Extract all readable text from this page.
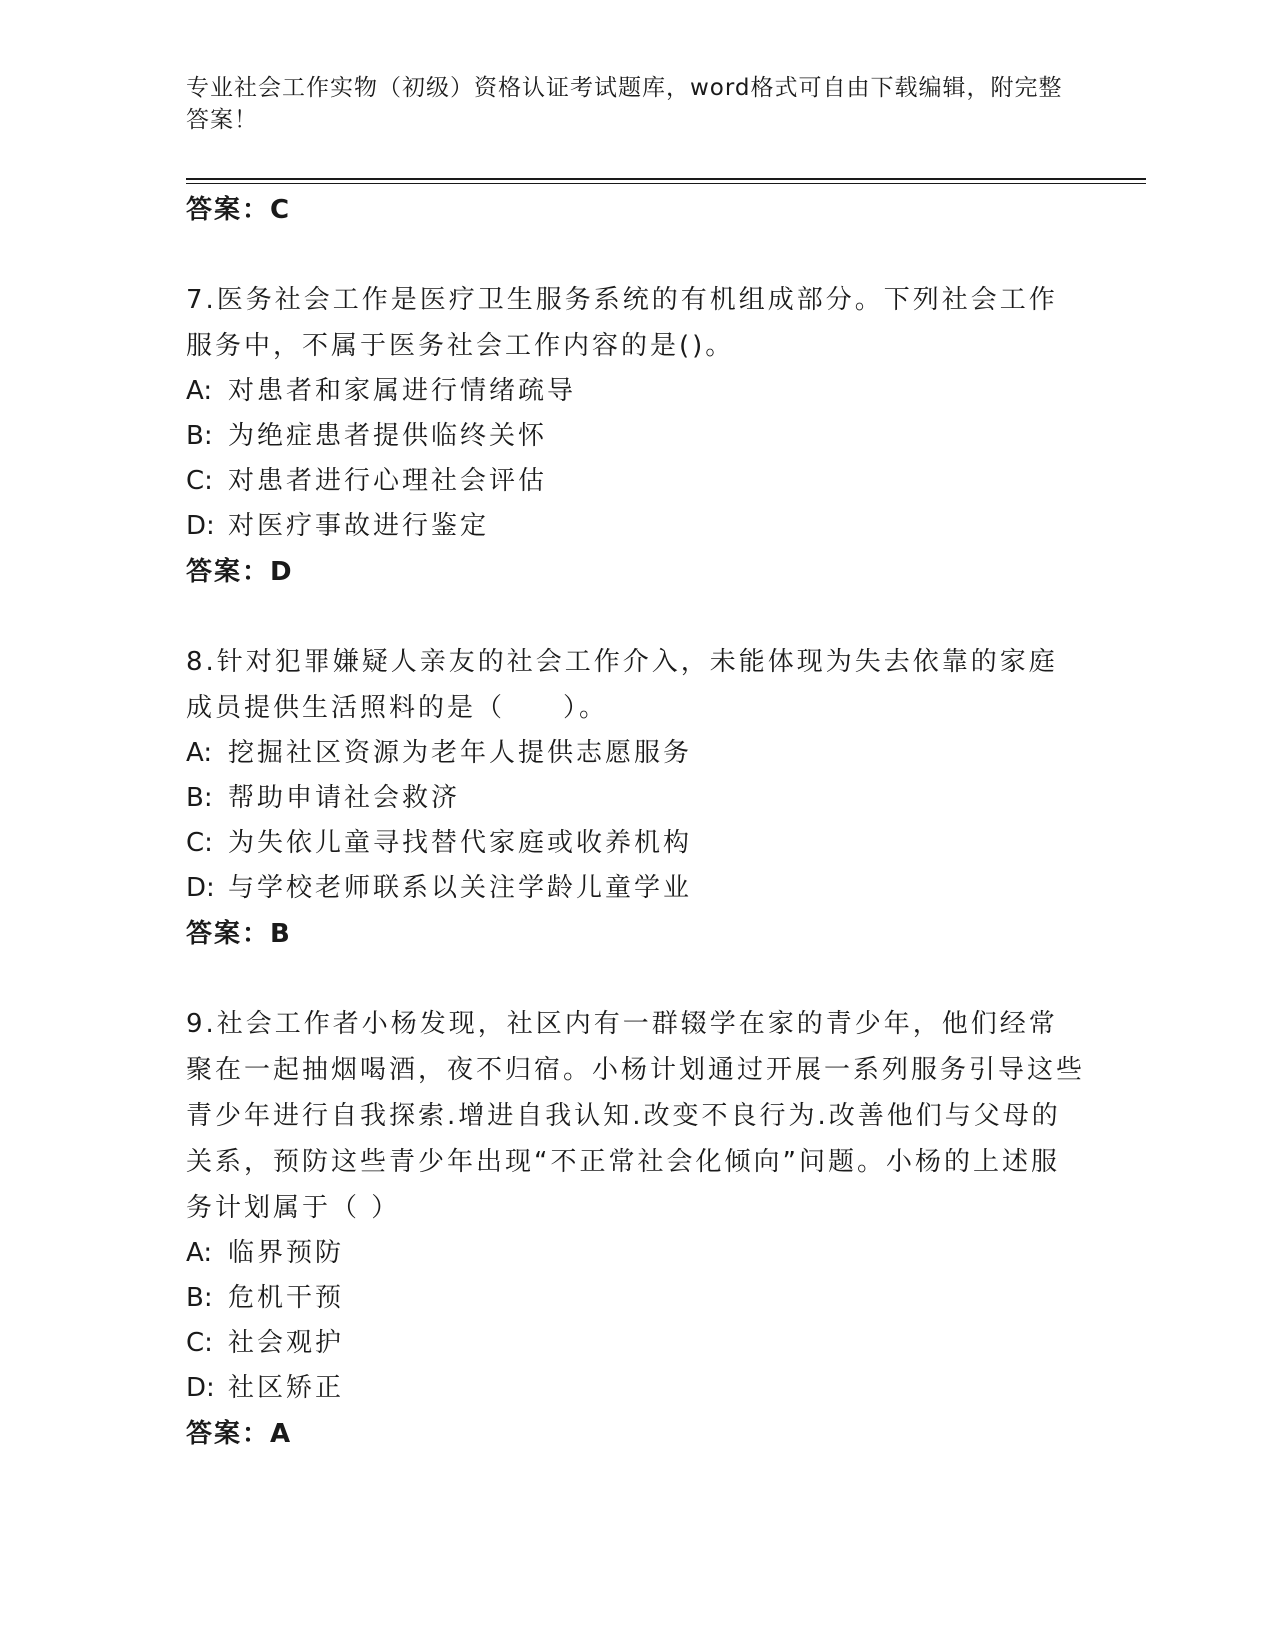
专业社会工作实物（初级）资格认证考试题库，word格式可自由下载编辑，附完整答案！
答案：C
7.医务社会工作是医疗卫生服务系统的有机组成部分。下列社会工作服务中，不属于医务社会工作内容的是()。
A: 对患者和家属进行情绪疏导
B: 为绝症患者提供临终关怀
C: 对患者进行心理社会评估
D: 对医疗事故进行鉴定
答案：D
8.针对犯罪嫌疑人亲友的社会工作介入，未能体现为失去依靠的家庭成员提供生活照料的是（　　）。
A: 挖掘社区资源为老年人提供志愿服务
B: 帮助申请社会救济
C: 为失依儿童寻找替代家庭或收养机构
D: 与学校老师联系以关注学龄儿童学业
答案：B
9.社会工作者小杨发现，社区内有一群辍学在家的青少年，他们经常聚在一起抽烟喝酒，夜不归宿。小杨计划通过开展一系列服务引导这些青少年进行自我探索.增进自我认知.改变不良行为.改善他们与父母的关系，预防这些青少年出现“不正常社会化倾向”问题。小杨的上述服务计划属于（ ）
A: 临界预防
B: 危机干预
C: 社会观护
D: 社区矫正
答案：A
